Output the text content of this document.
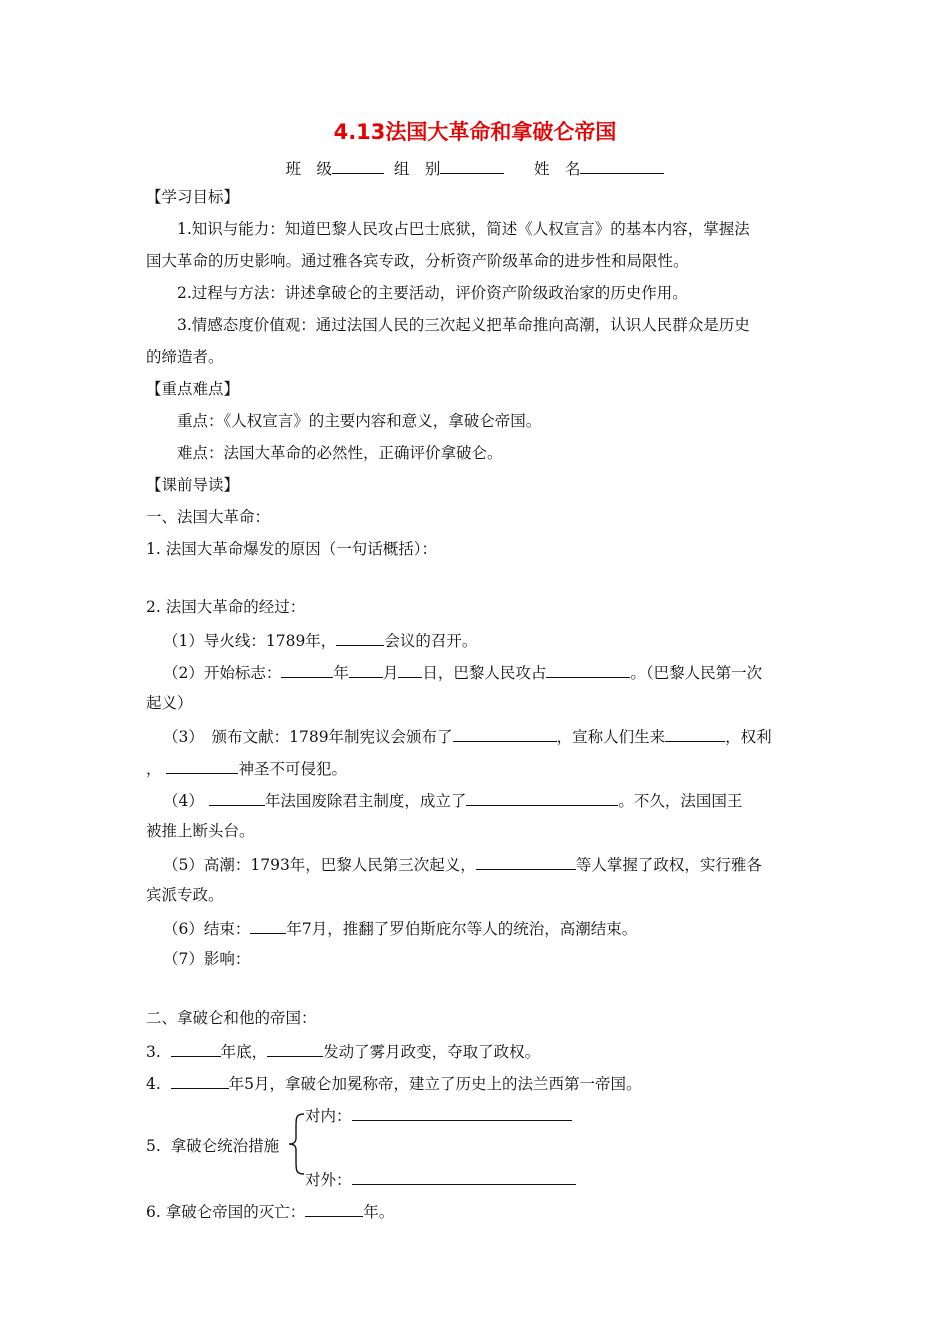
4.13法国大革命和拿破仑帝国
班　级	组　别	姓　名
【学习目标】
1.知识与能力：知道巴黎人民攻占巴士底狱，简述《人权宣言》的基本内容，掌握法
国大革命的历史影响。通过雅各宾专政，分析资产阶级革命的进步性和局限性。
2.过程与方法：讲述拿破仑的主要活动，评价资产阶级政治家的历史作用。
3.情感态度价值观：通过法国人民的三次起义把革命推向高潮，认识人民群众是历史
的缔造者。
【重点难点】
重点：《人权宣言》的主要内容和意义，拿破仑帝国。
难点：法国大革命的必然性，正确评价拿破仑。
【课前导读】
一、法国大革命：
1. 法国大革命爆发的原因（一句话概括）：
2. 法国大革命的经过：
（1）导火线：1789年，	会议的召开。
（2）开始标志：	年 月 日，巴黎人民攻占	。（巴黎人民第一次
起义）
（3）　颁布文献：1789年制宪议会颁布了	，宣称人们生来	，权利
，	神圣不可侵犯。
（4）	年法国废除君主制度，成立了	。不久，法国国王
被推上断头台。
（5）高潮：1793年，巴黎人民第三次起义，	等人掌握了政权，实行雅各
宾派专政。
（6）结束： 年7月，推翻了罗伯斯庇尔等人的统治，高潮结束。
（7）影响：
二、拿破仑和他的帝国：
3.	年底，	发动了雾月政变，夺取了政权。
4.	年5月，拿破仑加冕称帝，建立了历史上的法兰西第一帝国。
对内：
5. 拿破仑统治措施
对外：
6. 拿破仑帝国的灭亡：	年。
